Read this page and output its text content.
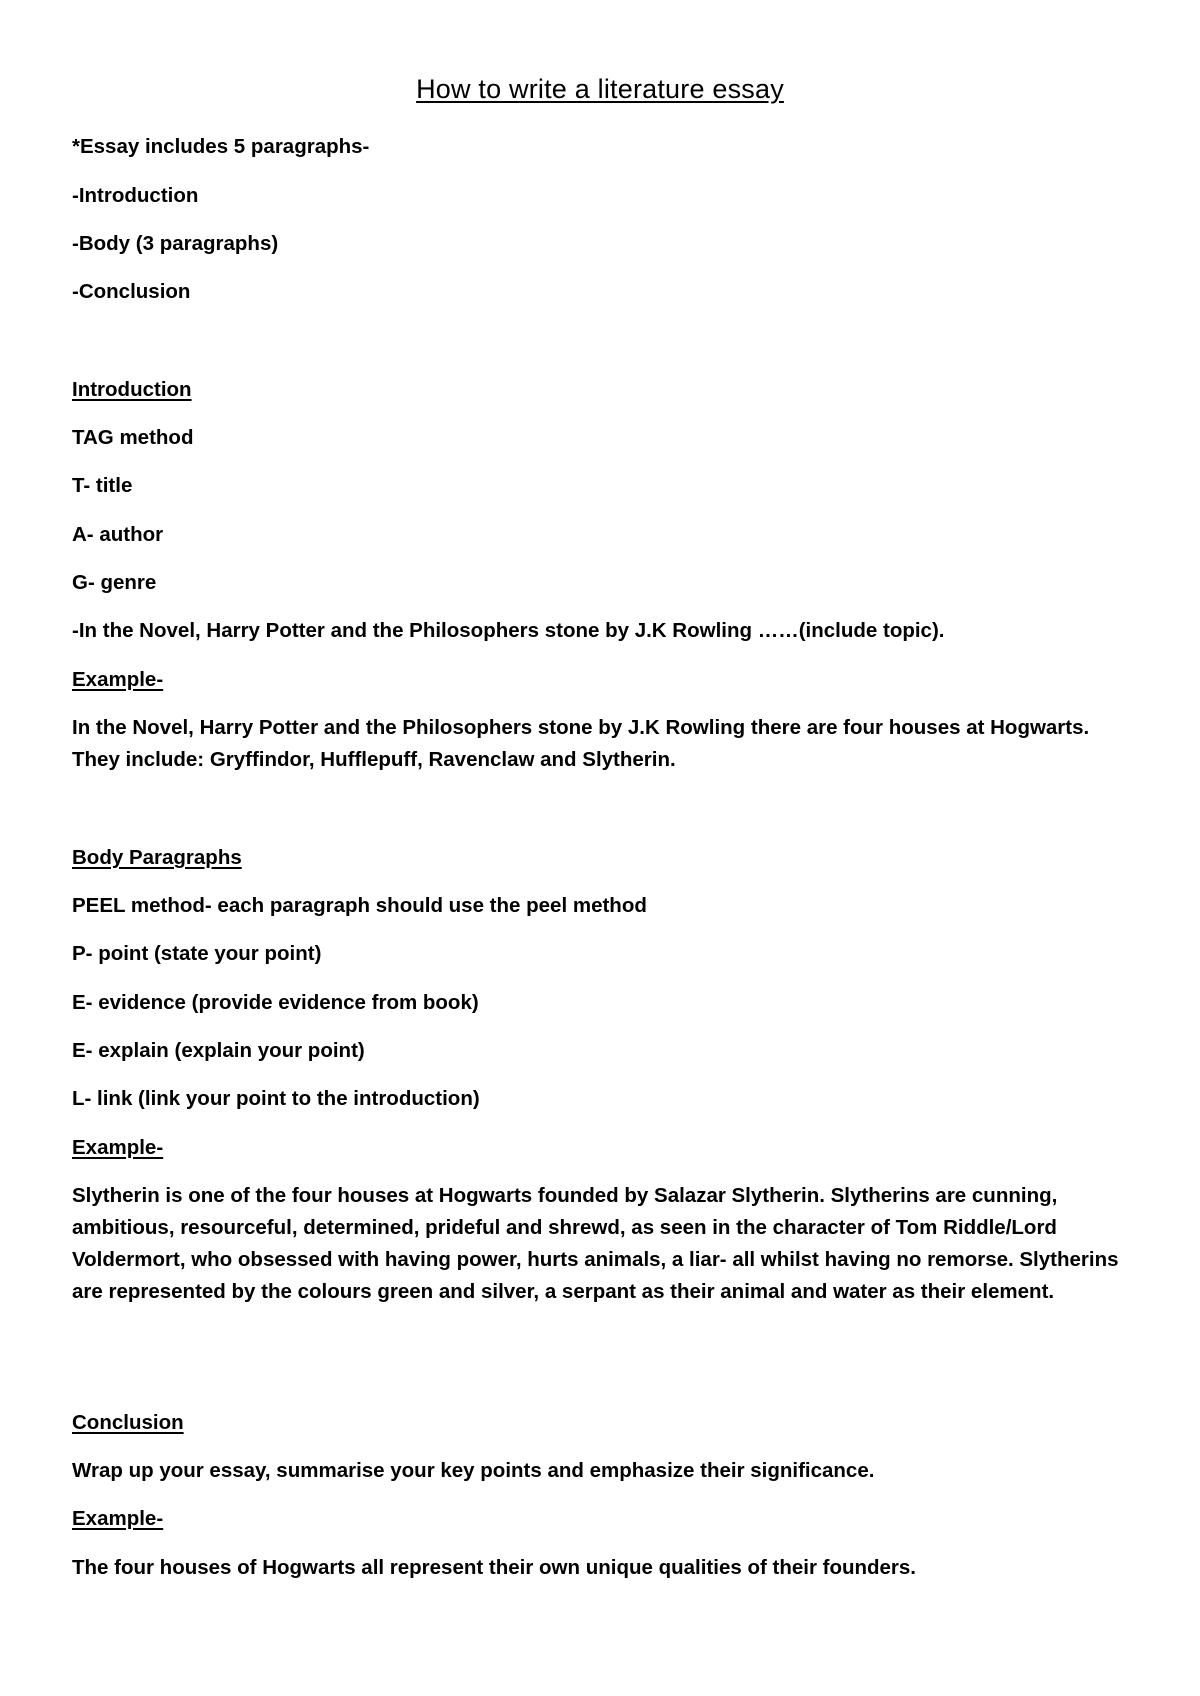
How to write a literature essay
*Essay includes 5 paragraphs-
-Introduction
-Body (3 paragraphs)
-Conclusion
Introduction
TAG method
T- title
A- author
G- genre
-In the Novel, Harry Potter and the Philosophers stone by J.K Rowling ……(include topic).
Example-
In the Novel, Harry Potter and the Philosophers stone by J.K Rowling there are four houses at Hogwarts. They include: Gryffindor, Hufflepuff, Ravenclaw and Slytherin.
Body Paragraphs
PEEL method- each paragraph should use the peel method
P- point (state your point)
E- evidence (provide evidence from book)
E- explain (explain your point)
L- link (link your point to the introduction)
Example-
Slytherin is one of the four houses at Hogwarts founded by Salazar Slytherin. Slytherins are cunning, ambitious, resourceful, determined, prideful and shrewd, as seen in the character of Tom Riddle/Lord Voldermort, who obsessed with having power, hurts animals, a liar- all whilst having no remorse. Slytherins are represented by the colours green and silver, a serpant as their animal and water as their element.
Conclusion
Wrap up your essay, summarise your key points and emphasize their significance.
Example-
The four houses of Hogwarts all represent their own unique qualities of their founders.
